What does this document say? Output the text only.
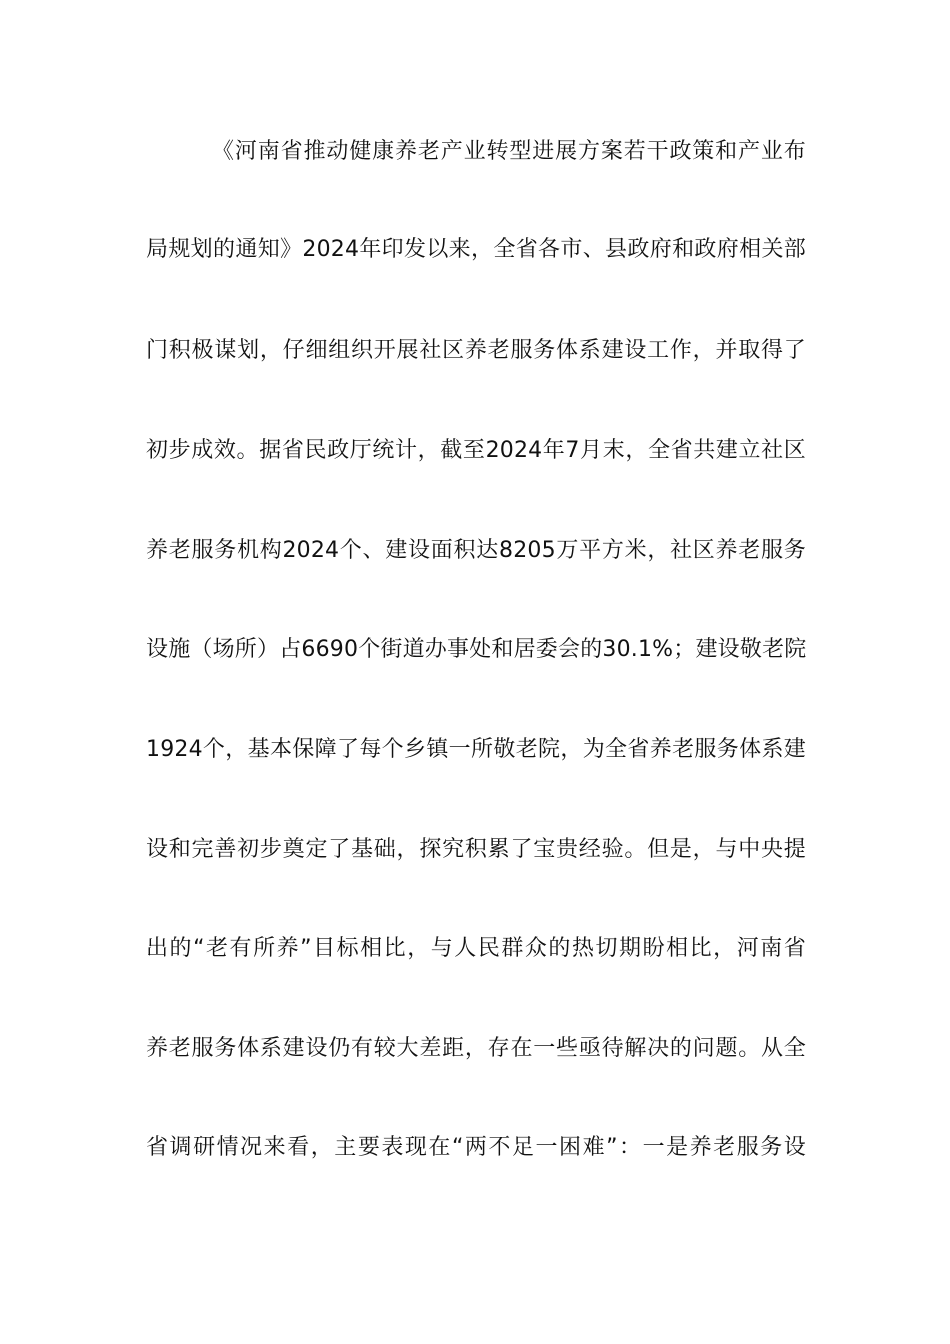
《河南省推动健康养老产业转型进展方案若干政策和产业布
局规划的通知》2024年印发以来，全省各市、县政府和政府相关部
门积极谋划，仔细组织开展社区养老服务体系建设工作，并取得了
初步成效。据省民政厅统计，截至2024年7月末，全省共建立社区
养老服务机构2024个、建设面积达8205万平方米，社区养老服务
设施（场所）占6690个街道办事处和居委会的30.1%；建设敬老院
1924个，基本保障了每个乡镇一所敬老院，为全省养老服务体系建
设和完善初步奠定了基础，探究积累了宝贵经验。但是，与中央提
出的“老有所养”目标相比，与人民群众的热切期盼相比，河南省
养老服务体系建设仍有较大差距，存在一些亟待解决的问题。从全
省调研情况来看，主要表现在“两不足一困难”：一是养老服务设
